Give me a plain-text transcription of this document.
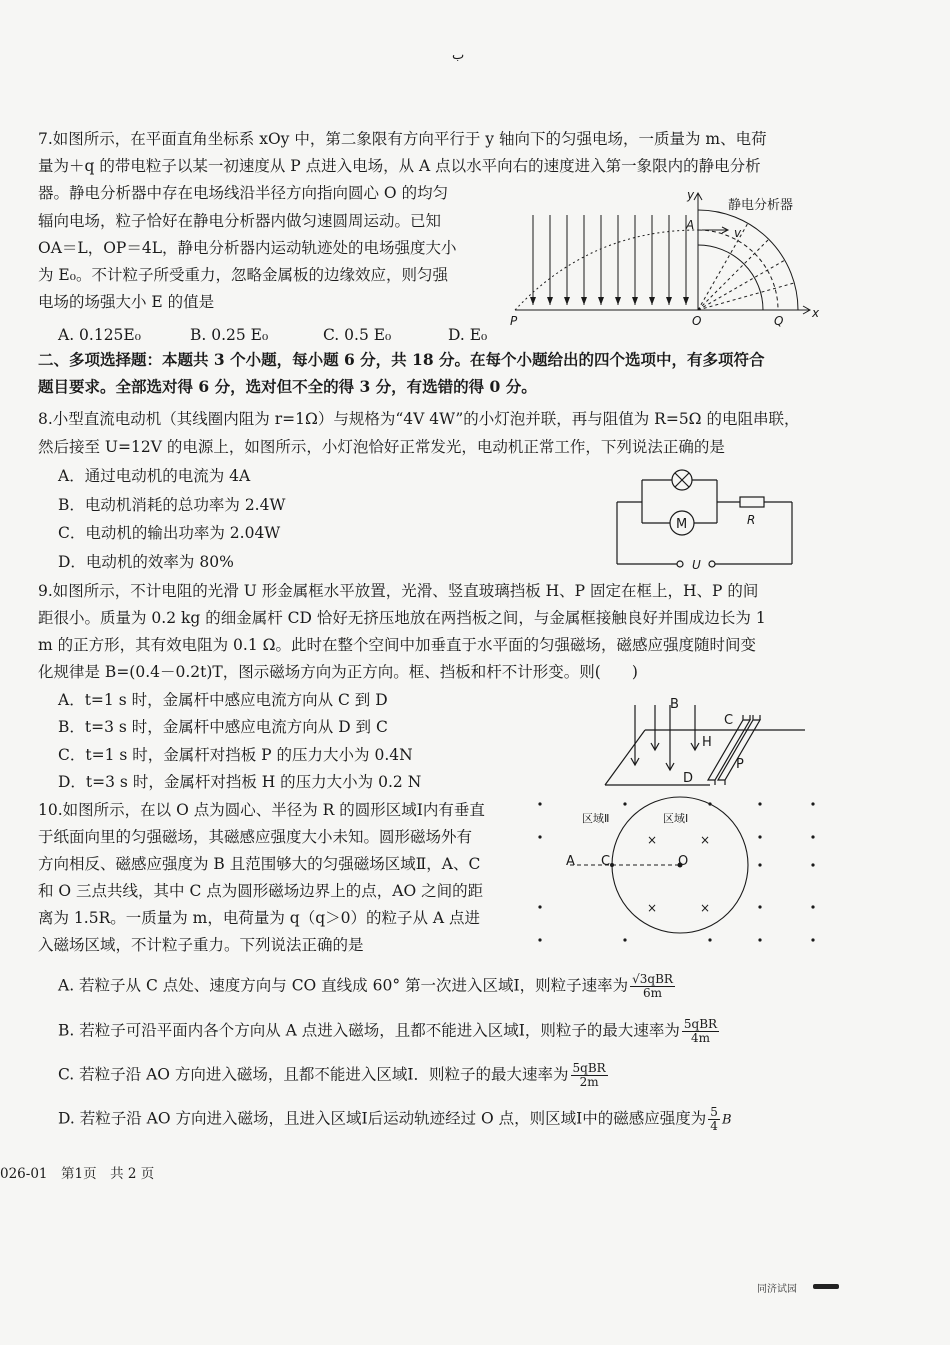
ب
7.如图所示，在平面直角坐标系 xOy 中，第二象限有方向平行于 y 轴向下的匀强电场，一质量为 m、电荷
量为＋q 的带电粒子以某一初速度从 P 点进入电场，从 A 点以水平向右的速度进入第一象限内的静电分析
器。静电分析器中存在电场线沿半径方向指向圆心 O 的均匀
辐向电场，粒子恰好在静电分析器内做匀速圆周运动。已知
OA＝L，OP＝4L，静电分析器内运动轨迹处的电场强度大小
为 E₀。不计粒子所受重力，忽略金属板的边缘效应，则匀强
电场的场强大小 E 的值是
A. 0.125E₀	B. 0.25 E₀	C. 0.5 E₀	D. E₀
静电分析器
y
A
v
P	O	Q
x
二、多项选择题：本题共 3 个小题，每小题 6 分，共 18 分。在每个小题给出的四个选项中，有多项符合
题目要求。全部选对得 6 分，选对但不全的得 3 分，有选错的得 0 分。
8.小型直流电动机（其线圈内阻为 r=1Ω）与规格为“4V 4W”的小灯泡并联，再与阻值为 R=5Ω 的电阻串联，
然后接至 U=12V 的电源上，如图所示，小灯泡恰好正常发光，电动机正常工作，下列说法正确的是
A．通过电动机的电流为 4A
B．电动机消耗的总功率为 2.4W
C．电动机的输出功率为 2.04W
D．电动机的效率为 80%
M	R
U
9.如图所示，不计电阻的光滑 U 形金属框水平放置，光滑、竖直玻璃挡板 H、P 固定在框上，H、P 的间
距很小。质量为 0.2 kg 的细金属杆 CD 恰好无挤压地放在两挡板之间，与金属框接触良好并围成边长为 1
m 的正方形，其有效电阻为 0.1 Ω。此时在整个空间中加垂直于水平面的匀强磁场，磁感应强度随时间变
化规律是 B=(0.4－0.2t)T，图示磁场方向为正方向。框、挡板和杆不计形变。则(　　)
A．t=1 s 时，金属杆中感应电流方向从 C 到 D
B．t=3 s 时，金属杆中感应电流方向从 D 到 C
C．t=1 s 时，金属杆对挡板 P 的压力大小为 0.4N
D．t=3 s 时，金属杆对挡板 H 的压力大小为 0.2 N
B
C
H
D
P
10.如图所示，在以 O 点为圆心、半径为 R 的圆形区域Ⅰ内有垂直
于纸面向里的匀强磁场，其磁感应强度大小未知。圆形磁场外有
方向相反、磁感应强度为 B 且范围够大的匀强磁场区域Ⅱ，A、C
和 O 三点共线，其中 C 点为圆形磁场边界上的点，AO 之间的距
离为 1.5R。一质量为 m，电荷量为 q（q＞0）的粒子从 A 点进
入磁场区域，不计粒子重力。下列说法正确的是
A. 若粒子从 C 点处、速度方向与 CO 直线成 60° 第一次进入区域Ⅰ，则粒子速率为 $\frac{\text{√3qBR}}{6m}$
B. 若粒子可沿平面内各个方向从 A 点进入磁场，且都不能进入区域Ⅰ，则粒子的最大速率为 $\frac{\text{5qBR}}{4m}$
C. 若粒子沿 AO 方向进入磁场，且都不能进入区域Ⅰ．则粒子的最大速率为 $\frac{\text{5qBR}}{2m}$
D. 若粒子沿 AO 方向进入磁场，且进入区域Ⅰ后运动轨迹经过 O 点，则区域Ⅰ中的磁感应强度为 $\frac{5}{4}$ B
×	×
×	×
区域Ⅱ	区域Ⅰ
A C	O
026-01　第1页　共 2 页
同济试园
